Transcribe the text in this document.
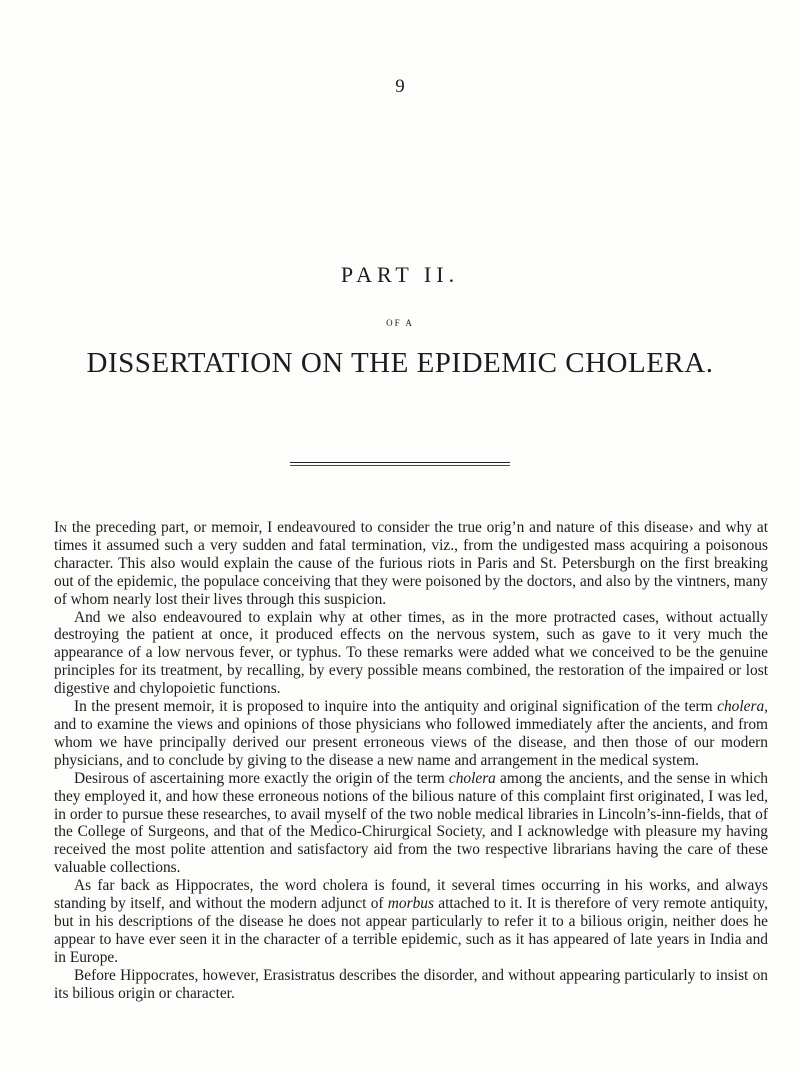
9
PART II.
OF A
DISSERTATION ON THE EPIDEMIC CHOLERA.

In the preceding part, or memoir, I endeavoured to consider the true orig’n and nature of this disease› and why at times it assumed such a very sudden and fatal termination, viz., from the undigested mass acquiring a poisonous character. This also would explain the cause of the furious riots in Paris and St. Petersburgh on the first breaking out of the epidemic, the populace conceiving that they were poisoned by the doctors, and also by the vintners, many of whom nearly lost their lives through this suspicion.

And we also endeavoured to explain why at other times, as in the more protracted cases, without actually destroying the patient at once, it produced effects on the nervous system, such as gave to it very much the appearance of a low nervous fever, or typhus. To these remarks were added what we conceived to be the genuine principles for its treatment, by recalling, by every possible means combined, the restoration of the impaired or lost digestive and chylopoietic functions.

In the present memoir, it is proposed to inquire into the antiquity and original signification of the term cholera, and to examine the views and opinions of those physicians who followed immediately after the ancients, and from whom we have principally derived our present erroneous views of the disease, and then those of our modern physicians, and to conclude by giving to the disease a new name and arrangement in the medical system.

Desirous of ascertaining more exactly the origin of the term cholera among the ancients, and the sense in which they employed it, and how these erroneous notions of the bilious nature of this complaint first originated, I was led, in order to pursue these researches, to avail myself of the two noble medical libraries in Lincoln’s-inn-fields, that of the College of Surgeons, and that of the Medico-Chirurgical Society, and I acknowledge with pleasure my having received the most polite attention and satisfactory aid from the two respective librarians having the care of these valuable collections.

As far back as Hippocrates, the word cholera is found, it several times occurring in his works, and always standing by itself, and without the modern adjunct of morbus attached to it. It is therefore of very remote antiquity, but in his descriptions of the disease he does not appear particularly to refer it to a bilious origin, neither does he appear to have ever seen it in the character of a terrible epidemic, such as it has appeared of late years in India and in Europe.

Before Hippocrates, however, Erasistratus describes the disorder, and without appearing particularly to insist on its bilious origin or character.
